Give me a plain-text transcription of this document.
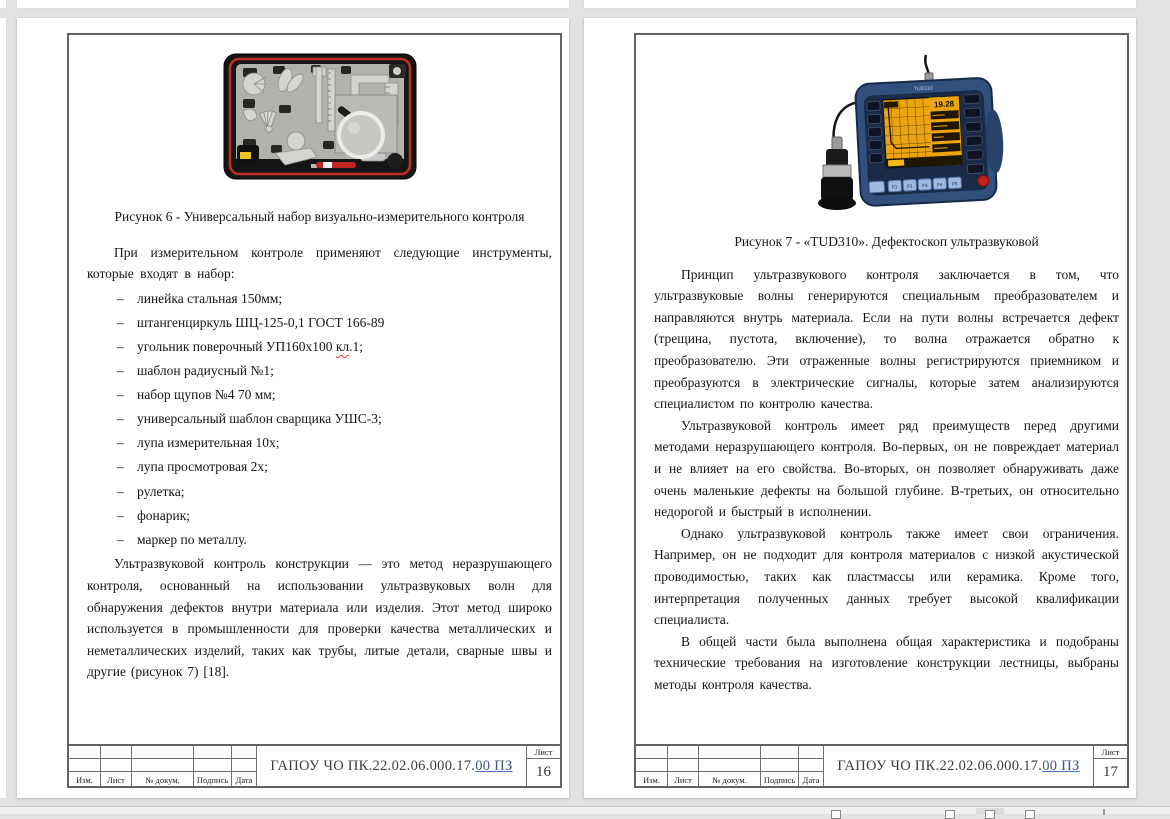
Рисунок 6 - Универсальный набор визуально-измерительного контроля

При измерительном контроле применяют следующие инструменты, которые входят в набор:

– линейка стальная 150мм;
– штангенциркуль ШЦ-125-0,1 ГОСТ 166-89
– угольник поверочный УП160х100 кл.1;
– шаблон радиусный №1;
– набор щупов №4 70 мм;
– универсальный шаблон сварщика УШС-3;
– лупа измерительная 10х;
– лупа просмотровая 2х;
– рулетка;
– фонарик;
– маркер по металлу.

Ультразвуковой контроль конструкции — это метод неразрушающего контроля, основанный на использовании ультразвуковых волн для обнаружения дефектов внутри материала или изделия. Этот метод широко используется в промышленности для проверки качества металлических и неметаллических изделий, таких как трубы, литые детали, сварные швы и другие (рисунок 7) [18].

ГАПОУ ЧО ПК.22.02.06.000.17. 00 ПЗ
Лист
16
Изм.	Лист	№ докум.	Подпись Дата
TUD310
19.28
F1 F2 F3 F4 F5

Рисунок 7 - «TUD310». Дефектоскоп ультразвуковой

Принцип ультразвукового контроля заключается в том, что ультразвуковые волны генерируются специальным преобразователем и направляются внутрь материала. Если на пути волны встречается дефект (трещина, пустота, включение), то волна отражается обратно к преобразователю. Эти отраженные волны регистрируются приемником и преобразуются в электрические сигналы, которые затем анализируются специалистом по контролю качества.

Ультразвуковой контроль имеет ряд преимуществ перед другими методами неразрушающего контроля. Во-первых, он не повреждает материал и не влияет на его свойства. Во-вторых, он позволяет обнаруживать даже очень маленькие дефекты на большой глубине. В-третьих, он относительно недорогой и быстрый в исполнении.

Однако ультразвуковой контроль также имеет свои ограничения. Например, он не подходит для контроля материалов с низкой акустической проводимостью, таких как пластмассы или керамика. Кроме того, интерпретация полученных данных требует высокой квалификации специалиста.

В общей части была выполнена общая характеристика и подобраны технические требования на изготовление конструкции лестницы, выбраны методы контроля качества.

ГАПОУ ЧО ПК.22.02.06.000.17. 00 ПЗ
Лист
17
Изм.	Лист	№ докум.	Подпись Дата
